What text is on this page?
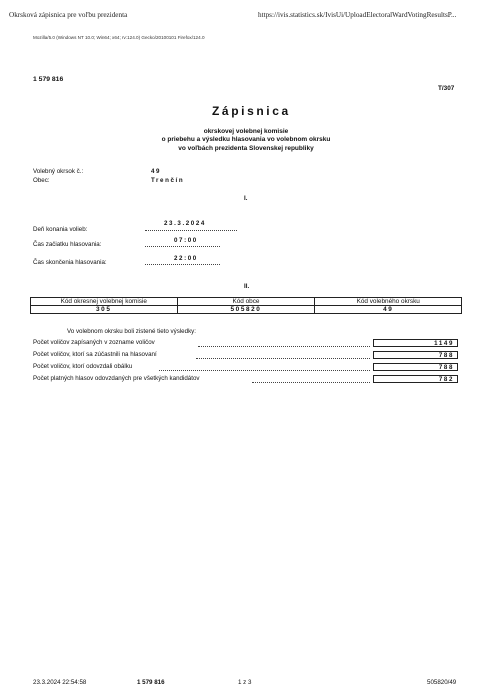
Okrsková zápisnica pre voľbu prezidenta	https://ivis.statistics.sk/IvisUi/UploadElectoralWardVotingResultsP...
Mozilla/5.0 (Windows NT 10.0; Win64; x64; rv:124.0) Gecko/20100101 Firefox/124.0
1 579 816
T/307
Zápisnica
okrskovej volebnej komisie
o priebehu a výsledku hlasovania vo volebnom okrsku
vo voľbách prezidenta Slovenskej republiky
Volebný okrsok č.:	49
Obec:	Trenčín
I.
Deň konania volieb:
23.3.2024
Čas začiatku hlasovania:
07:00
Čas skončenia hlasovania:
22:00
II.
Kód okresnej volebnej komisie	Kód obce	Kód volebného okrsku
305	505820	49
Vo volebnom okrsku boli zistené tieto výsledky:
Počet voličov zapísaných v zozname voličov	1149
Počet voličov, ktorí sa zúčastnili na hlasovaní	788
Počet voličov, ktorí odovzdali obálku	788
Počet platných hlasov odovzdaných pre všetkých kandidátov	782
23.3.2024 22:54:58	1 579 816	1 z 3	505820/49
